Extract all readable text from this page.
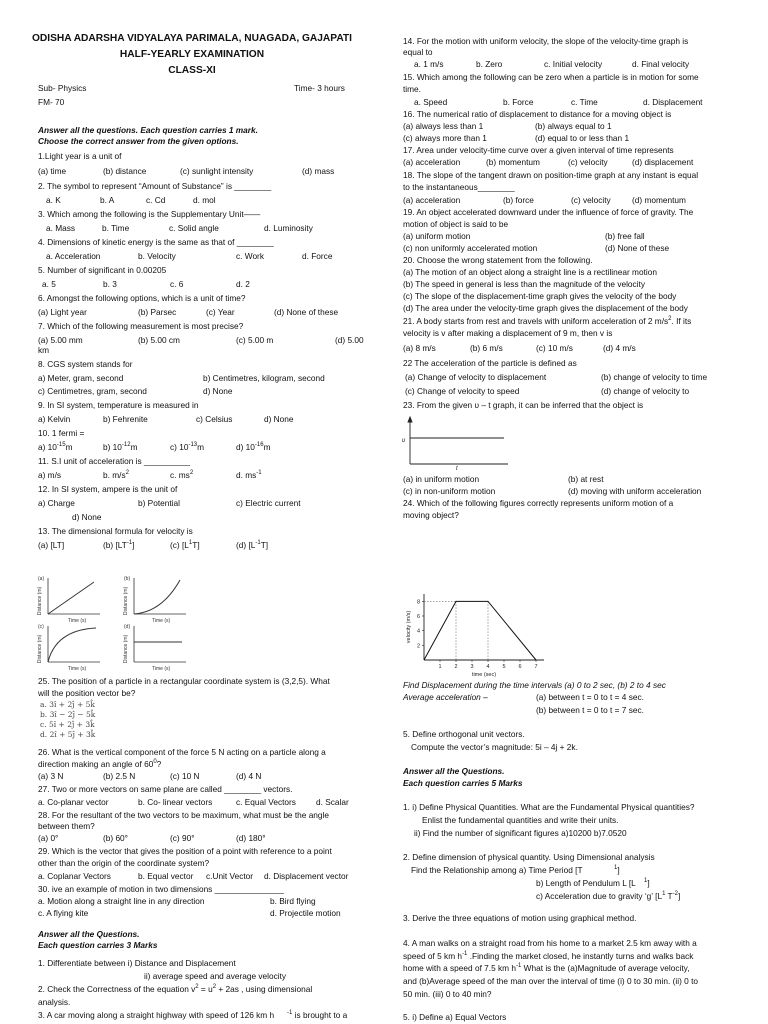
ODISHA ADARSHA VIDYALAYA PARIMALA, NUAGADA, GAJAPATI
HALF-YEARLY EXAMINATION
CLASS-XI
Sub- Physics	Time- 3 hours
FM- 70
Answer all the questions. Each question carries 1 mark.
Choose the correct answer from the given options.
1.Light year is a unit of
(a) time	(b) distance	(c) sunlight intensity	(d) mass
2. The symbol to represent “Amount of Substance” is ________
a. K	b. A	c. Cd	d. mol
3. Which among the following is the Supplementary Unit——
a. Mass	b. Time	c. Solid angle	d. Luminosity
4. Dimensions of kinetic energy is the same as that of ________
a. Acceleration	b. Velocity	c. Work	d. Force
5. Number of significant in 0.00205
a. 5	b. 3	c. 6	d. 2
6. Amongst the following options, which is a unit of time?
(a) Light year	(b) Parsec	(c) Year	(d) None of these
7. Which of the following measurement is most precise?
(a) 5.00 mm	(b) 5.00 cm	(c) 5.00 m	(d) 5.00
km
8. CGS system stands for
a) Meter, gram, second	b) Centimetres, kilogram, second
c) Centimetres, gram, second	d) None
9. In SI system, temperature is measured in
a) Kelvin	b) Fehrenite	c) Celsius	d) None
10. 1 fermi =
11. S.I unit of acceleration is __________
a) m/s
12. In SI system, ampere is the unit of
a) Charge	b) Potential	c) Electric current
d) None
13. The dimensional formula for velocity is
25. The position of a particle in a rectangular coordinate system is (3,2,5). What
will the position vector be?
26. What is the vertical component of the force 5 N acting on a particle along a
(a) 3 N	(b) 2.5 N	(c) 10 N	(d) 4 N
27. Two or more vectors on same plane are called ________ vectors.
a. Co-planar vector	b. Co- linear vectors	c. Equal Vectors d. Scalar
28. For the resultant of the two vectors to be maximum, what must be the angle
between them?
(a) 0°	(b) 60°	(c) 90°	(d) 180°
29. Which is the vector that gives the position of a point with reference to a point
other than the origin of the coordinate system?
a. Coplanar Vectors	b. Equal vector c.Unit Vector d. Displacement vector
30. ive an example of motion in two dimensions _______________
a. Motion along a straight line in any direction	b. Bird flying
c. A flying kite	d. Projectile motion
1. Differentiate between i) Distance and Displacement
ii) average speed and average velocity
analysis.
3. A car moving along a straight highway with speed of 126 km h
14. For the motion with uniform velocity, the slope of the velocity-time graph is
equal to
a. 1 m/s	b. Zero	c. Initial velocity	d. Final velocity
15. Which among the following can be zero when a particle is in motion for some
time.
a. Speed	b. Force	c. Time	d. Displacement
16. The numerical ratio of displacement to distance for a moving object is
(a) always less than 1	(b) always equal to 1
(c) always more than 1	(d) equal to or less than 1
17. Area under velocity-time curve over a given interval of time represents
(a) acceleration	(b) momentum	(c) velocity	(d) displacement
18. The slope of the tangent drawn on position-time graph at any instant is equal
to the instantaneous________
(a) acceleration	(b) force	(c) velocity	(d) momentum
19. An object accelerated downward under the influence of force of gravity. The
motion of object is said to be
(a) uniform motion	(b) free fall
(c) non uniformly accelerated motion	(d) None of these
20. Choose the wrong statement from the following.
(a) The motion of an object along a straight line is a rectilinear motion
(b) The speed in general is less than the magnitude of the velocity
(c) The slope of the displacement-time graph gives the velocity of the body
(d) The area under the velocity-time graph gives the displacement of the body
velocity is v after making a displacement of 9 m, then v is
(a) 8 m/s	(b) 6 m/s	(c) 10 m/s	(d) 4 m/s
22 The acceleration of the particle is defined as
(a) Change of velocity to displacement	(b) change of velocity to time
(c) Change of velocity to speed	(d) change of velocity to
23. From the given υ – t graph, it can be inferred that the object is
(a) in uniform motion	(b) at rest
(c) in non-uniform motion	(d) moving with uniform acceleration
24. Which of the following figures correctly represents uniform motion of a
moving object?
(a) between t = 0 to t = 4 sec.
(b) between t = 0 to t = 7 sec.
5. Define orthogonal unit vectors.
Compute the vector’s magnitude: 5i – 4j + 2k.
1. i) Define Physical Quantities. What are the Fundamental Physical quantities?
Enlist the fundamental quantities and write their units.
ii) Find the number of significant figures a)10200 b)7.0520
2. Define dimension of physical quantity. Using Dimensional analysis
Find the Relationship among a) Time Period [T
b) Length of Pendulum L [L
3. Derive the three equations of motion using graphical method.
4. A man walks on a straight road from his home to a market 2.5 km away with a
and (b)Average speed of the man over the interval of time (i) 0 to 30 min. (ii) 0 to
50 min. (iii) 0 to 40 min?
5. i) Define a) Equal Vectors
a) $10^{-15}m$	b) $10^{-12}m$	c) $10^{-13}m$	d) $10^{-16}m$
b. $m/s^2$	c. $ms^2$	d. $ms^{-1}$
(a) [LT]	(b) $[LT^{-1}]$	(c) $[L^1T]$	(d) $[L^{-1}T]$
(a)	(b)
(c)	(d)
Time (s)	Time (s)
Time (s)	Time (s)
Distance (m)	Distance (m)
Distance (m)	Distance (m)
a. 3î + 2ĵ + 5k̂
b. 3î − 2ĵ − 5k̂
c. 5î + 2ĵ + 3k̂
d. 2î + 5ĵ + 3k̂
direction making an angle of $60^0$?
Answer all the Questions.
Each question carries 3 Marks
2. Check the Correctness of the equation $v^2 = u^2 + 2as$ , using dimensional
$^{-1}$ is brought to a
21. A body starts from rest and travels with uniform acceleration of 2 $m/s^2$. If its
υ
t
1 2 3 4 5 6 7
2
4
6
8
time (sec)
velocity (m/s)
Find Displacement during the time intervals (a) 0 to 2 sec, (b) 2 to 4 sec
Average acceleration –
Answer all the Questions.
Each question carries 5 Marks
$^1$]
$^1$]
c) Acceleration due to gravity ‘g’ [$L^1$ $T^{-2}$]
speed of 5 km $h^{-1}$ .Finding the market closed, he instantly turns and walks back
home with a speed of 7.5 km $h^{-1}$ What is the (a)Magnitude of average velocity,
